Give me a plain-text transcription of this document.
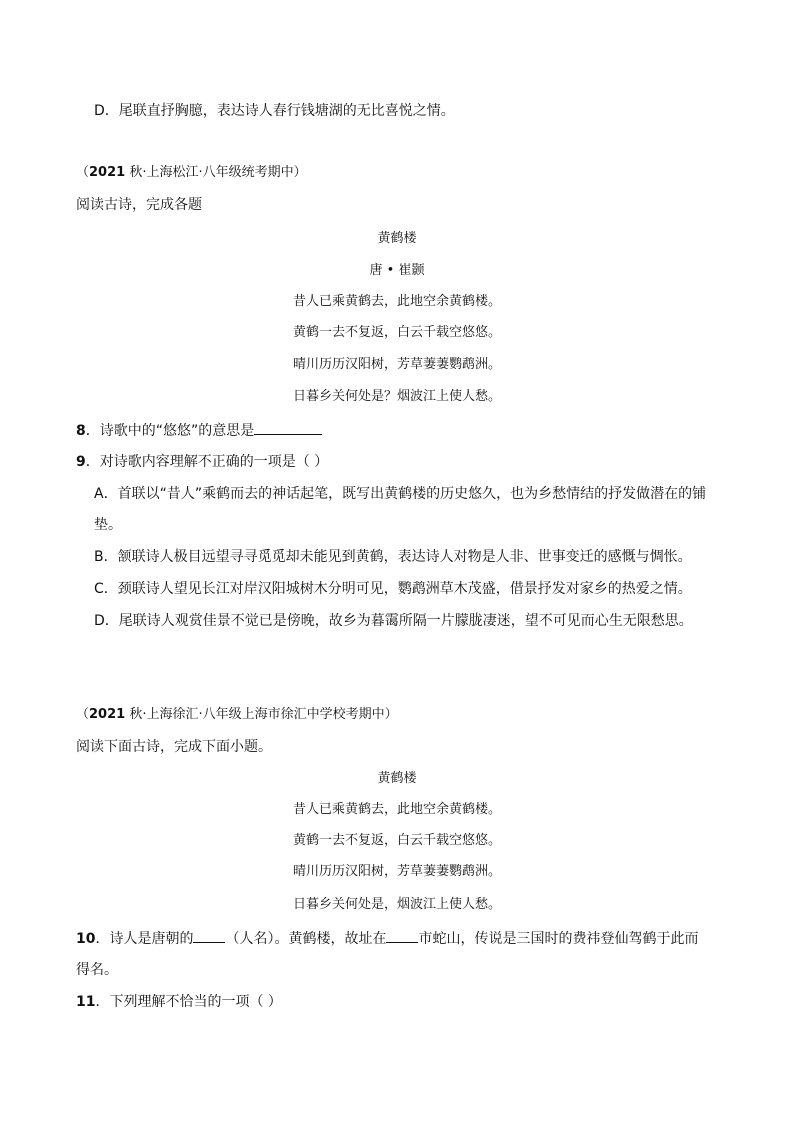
D．尾联直抒胸臆，表达诗人春行钱塘湖的无比喜悦之情。
（2021 秋·上海松江·八年级统考期中）
阅读古诗，完成各题
黄鹤楼
唐 • 崔颢
昔人已乘黄鹤去，此地空余黄鹤楼。
黄鹤一去不复返，白云千载空悠悠。
晴川历历汉阳树，芳草萋萋鹦鹉洲。
日暮乡关何处是？烟波江上使人愁。
8．诗歌中的“悠悠”的意思是
9．对诗歌内容理解不正确的一项是（ ）
A．首联以“昔人”乘鹤而去的神话起笔，既写出黄鹤楼的历史悠久，也为乡愁情结的抒发做潜在的铺
垫。
B．颔联诗人极目远望寻寻觅觅却未能见到黄鹤，表达诗人对物是人非、世事变迁的感慨与惆怅。
C．颈联诗人望见长江对岸汉阳城树木分明可见，鹦鹉洲草木茂盛，借景抒发对家乡的热爱之情。
D．尾联诗人观赏佳景不觉已是傍晚，故乡为暮霭所隔一片朦胧凄迷，望不可见而心生无限愁思。
（2021 秋·上海徐汇·八年级上海市徐汇中学校考期中）
阅读下面古诗，完成下面小题。
黄鹤楼
昔人已乘黄鹤去，此地空余黄鹤楼。
黄鹤一去不复返，白云千载空悠悠。
晴川历历汉阳树，芳草萋萋鹦鹉洲。
日暮乡关何处是，烟波江上使人愁。
10．诗人是唐朝的 （人名）。黄鹤楼，故址在 市蛇山，传说是三国时的费祎登仙驾鹤于此而
得名。
11．下列理解不恰当的一项（ ）
